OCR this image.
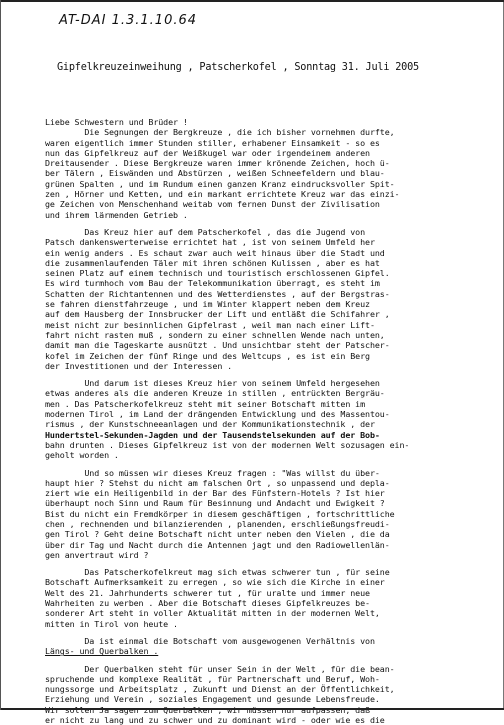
AT-DAI 1.3.1.10.64
Gipfelkreuzeinweihung , Patscherkofel , Sonntag 31. Juli 2005
Liebe Schwestern und Brüder !
Die Segnungen der Bergkreuze , die ich bisher vornehmen durfte,
waren eigentlich immer Stunden stiller, erhabener Einsamkeit - so es
nun das Gipfelkreuz auf der Weißkugel war oder irgendeinem anderen
Dreitausender . Diese Bergkreuze waren immer krönende Zeichen, hoch ü-
ber Tälern , Eiswänden und Abstürzen , weißen Schneefeldern und blau-
grünen Spalten , und im Rundum einen ganzen Kranz eindrucksvoller Spit-
zen , Hörner und Ketten, und ein markant errichtete Kreuz war das einzi-
ge Zeichen von Menschenhand weitab vom fernen Dunst der Zivilisation
und ihrem lärmenden Getrieb .
Das Kreuz hier auf dem Patscherkofel , das die Jugend von
Patsch dankenswerterweise errichtet hat , ist von seinem Umfeld her
ein wenig anders . Es schaut zwar auch weit hinaus über die Stadt und
die zusammenlaufenden Täler mit ihren schönen Kulissen , aber es hat
seinen Platz auf einem technisch und touristisch erschlossenen Gipfel.
Es wird turmhoch vom Bau der Telekommunikation überragt, es steht im
Schatten der Richtantennen und des Wetterdienstes , auf der Bergstras-
se fahren dienstfahrzeuge , und im Winter klappert neben dem Kreuz
auf dem Hausberg der Innsbrucker der Lift und entläßt die Schifahrer ,
meist nicht zur besinnlichen Gipfelrast , weil man nach einer Lift-
fahrt nicht rasten muß , sondern zu einer schnellen Wende nach unten,
damit man die Tageskarte ausnützt . Und unsichtbar steht der Patscher-
kofel im Zeichen der fünf Ringe und des Weltcups , es ist ein Berg
der Investitionen und der Interessen .
Und darum ist dieses Kreuz hier von seinem Umfeld hergesehen
etwas anderes als die anderen Kreuze in stillen , entrückten Bergräu-
men . Das Patscherkofelkreuz steht mit seiner Botschaft mitten im
modernen Tirol , im Land der drängenden Entwicklung und des Massentou-
rismus , der Kunstschneeanlagen und der Kommunikationstechnik , der
Hundertstel-Sekunden-Jagden und der Tausendstelsekunden auf der Bob-
bahn drunten . Dieses Gipfelkreuz ist von der modernen Welt sozusagen ein-
geholt worden .
Und so müssen wir dieses Kreuz fragen : "Was willst du über-
haupt hier ? Stehst du nicht am falschen Ort , so unpassend und depla-
ziert wie ein Heiligenbild in der Bar des Fünfstern-Hotels ? Ist hier
überhaupt noch Sinn und Raum für Besinnung und Andacht und Ewigkeit ?
Bist du nicht ein Fremdkörper in diesem geschäftigen , fortschrittliche
chen , rechnenden und bilanzierenden , planenden, erschließungsfreudi-
gen Tirol ? Geht deine Botschaft nicht unter neben den Vielen , die da
über dir Tag und Nacht durch die Antennen jagt und den Radiowellenlän-
gen anvertraut wird ?
Das Patscherkofelkreut mag sich etwas schwerer tun , für seine
Botschaft Aufmerksamkeit zu erregen , so wie sich die Kirche in einer
Welt des 21. Jahrhunderts schwerer tut , für uralte und immer neue
Wahrheiten zu werben . Aber die Botschaft dieses Gipfelkreuzes be-
sonderer Art steht in voller Aktualität mitten in der modernen Welt,
mitten in Tirol von heute .
Da ist einmal die Botschaft vom ausgewogenen Verhältnis von
Längs- und Querbalken .
Der Querbalken steht für unser Sein in der Welt , für die bean-
spruchende und komplexe Realität , für Partnerschaft und Beruf, Woh-
nungssorge und Arbeitsplatz , Zukunft und Dienst an der Öffentlichkeit,
Erziehung und Verein , soziales Engagement und gesunde Lebensfreude.
er nicht zu lang und zu schwer und zu dominant wird - oder wie es die
